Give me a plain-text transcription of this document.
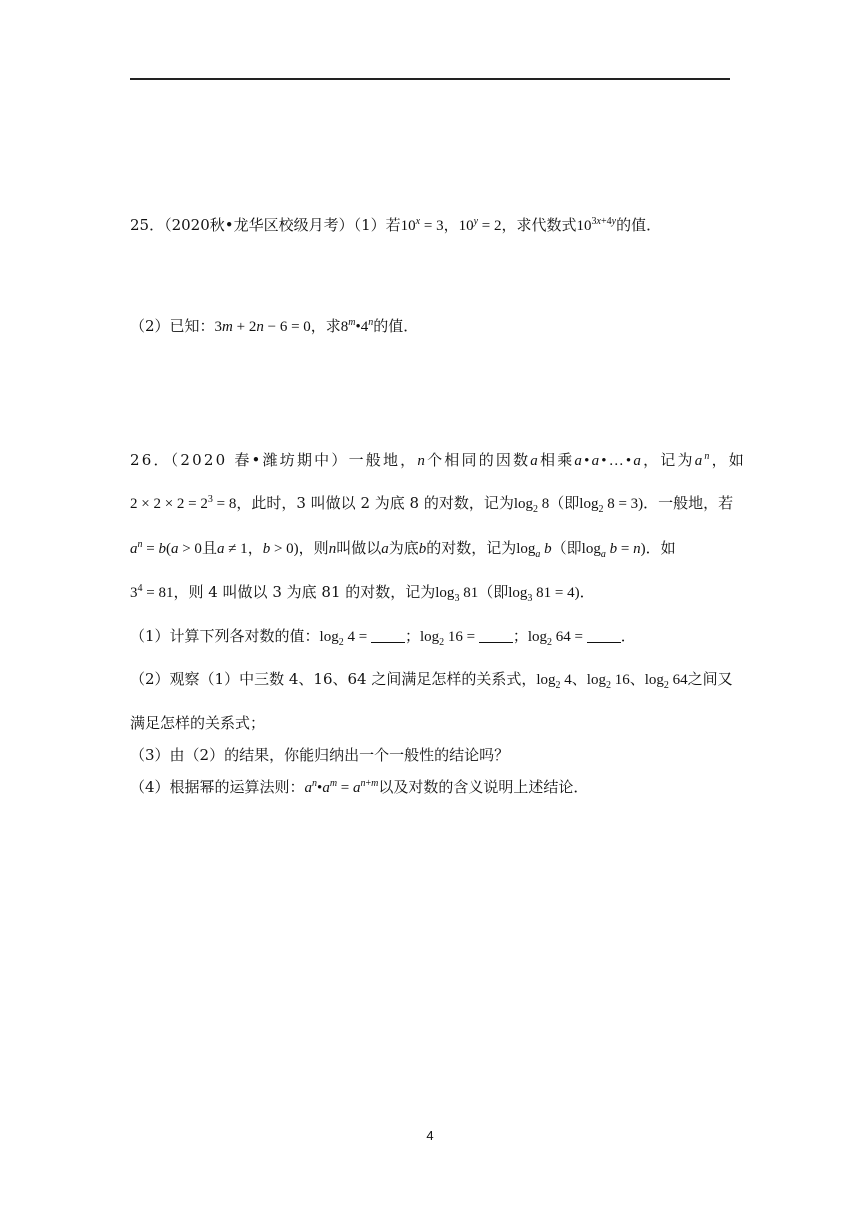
25．（2020秋•龙华区校级月考）（1）若$10^x = 3$，$10^y = 2$，求代数式$10^{3x+4y}$的值．
（2）已知：3m + 2n − 6 = 0，求8$^m$•4$^n$的值．
26．（2020 春•潍坊期中）一般地，n个相同的因数a相乘a•a•…•a，记为$a^n$，如
$2 \times 2 \times 2 = 2^3 = 8$，此时，3 叫做以 2 为底 8 的对数，记为$\log_2 8$（即$\log_2 8 = 3$)．一般地，若
$a^n = b(a > 0$且a ≠ 1，b > 0)，则n叫做以a为底b的对数，记为$\log_a b$（即$\log_a b = n$)．如
$3^4 = 81$，则 4 叫做以 3 为底 81 的对数，记为$\log_3 81$（即$\log_3 81 = 4$)．
（1）计算下列各对数的值：$\log_2 4$ = ；$\log_2 16$ = ；$\log_2 64$ = ．
（2）观察（1）中三数 4、16、64 之间满足怎样的关系式，$\log_2 4$、$\log_2 16$、$\log_2 64$之间又
满足怎样的关系式；
（3）由（2）的结果，你能归纳出一个一般性的结论吗？
（4）根据幂的运算法则：$a^n•a^m = a^{n+m}$以及对数的含义说明上述结论．
4
